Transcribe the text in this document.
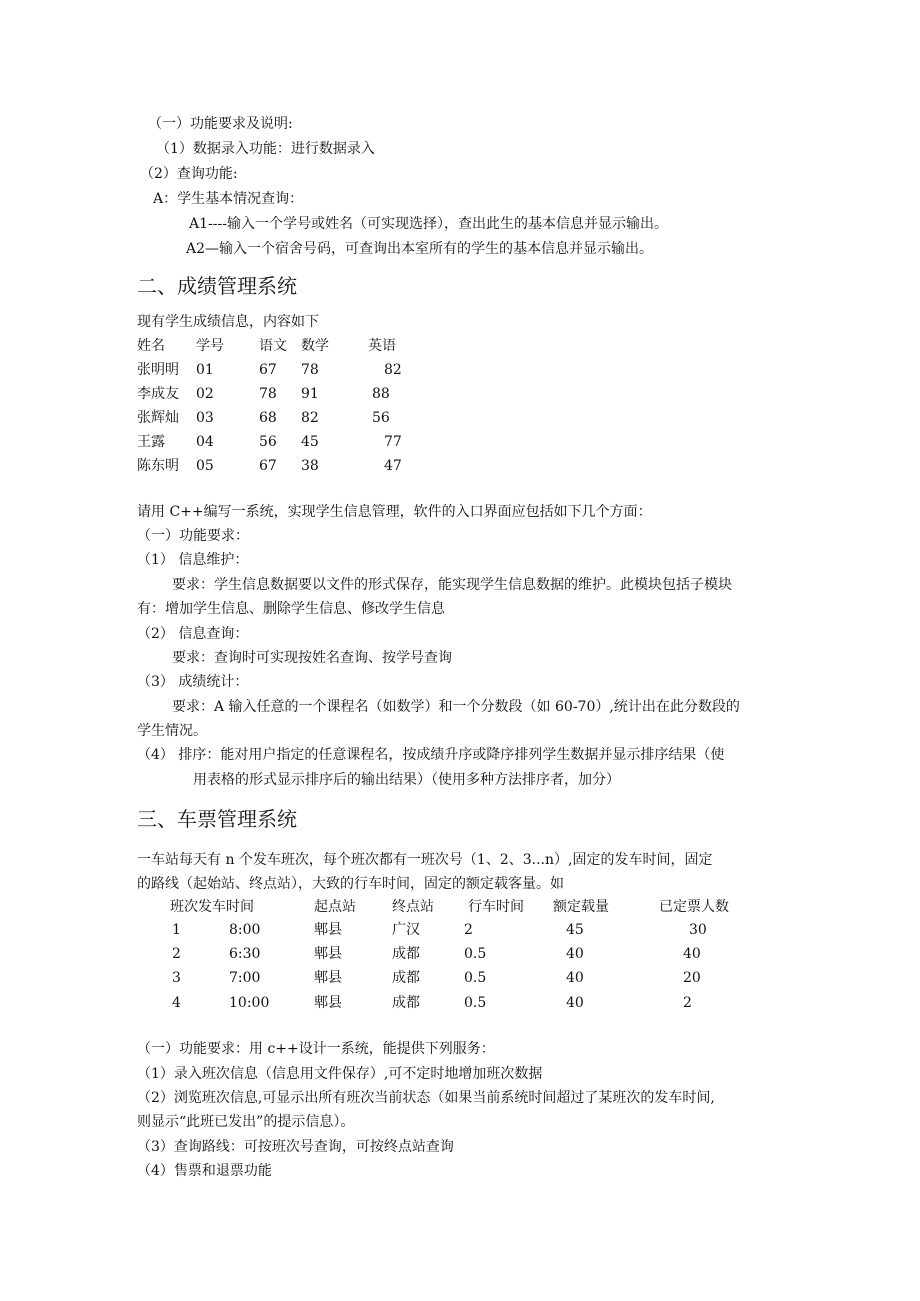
（一）功能要求及说明:
（1）数据录入功能：进行数据录入
（2）查询功能:
A：学生基本情况查询：
A1----输入一个学号或姓名（可实现选择），查出此生的基本信息并显示输出。
A2—输入一个宿舍号码，可查询出本室所有的学生的基本信息并显示输出。
二、成绩管理系统
现有学生成绩信息，内容如下
姓名 学号	语文 数学	英语
张明明 01	67 78	82
李成友 02	78 91	88
张辉灿 03	68 82	56
王露 04	56 45	77
陈东明 05	67 38	47
请用 C++编写一系统，实现学生信息管理，软件的入口界面应包括如下几个方面：
（一）功能要求：
（1） 信息维护：
要求：学生信息数据要以文件的形式保存，能实现学生信息数据的维护。此模块包括子模块
有：增加学生信息、删除学生信息、修改学生信息
（2） 信息查询：
要求：查询时可实现按姓名查询、按学号查询
（3） 成绩统计：
要求：A 输入任意的一个课程名（如数学）和一个分数段（如 60-70）,统计出在此分数段的
学生情况。
（4） 排序：能对用户指定的任意课程名，按成绩升序或降序排列学生数据并显示排序结果（使
用表格的形式显示排序后的输出结果）（使用多种方法排序者，加分）
三、车票管理系统
一车站每天有 n 个发车班次，每个班次都有一班次号（1、2、3...n）,固定的发车时间，固定
的路线（起始站、终点站），大致的行车时间，固定的额定载客量。如
班次发车时间	起点站	终点站 行车时间 额定载量	已定票人数
1	8:00	郫县	广汉	2	45	30
2	6:30	郫县	成都	0.5	40	40
3	7:00	郫县	成都	0.5	40	20
4	10:00	郫县	成都	0.5	40	2
（一）功能要求：用 c++设计一系统，能提供下列服务：
（1）录入班次信息（信息用文件保存）,可不定时地增加班次数据
（2）浏览班次信息,可显示出所有班次当前状态（如果当前系统时间超过了某班次的发车时间,
则显示“此班已发出”的提示信息）。
（3）查询路线：可按班次号查询，可按终点站查询
（4）售票和退票功能
